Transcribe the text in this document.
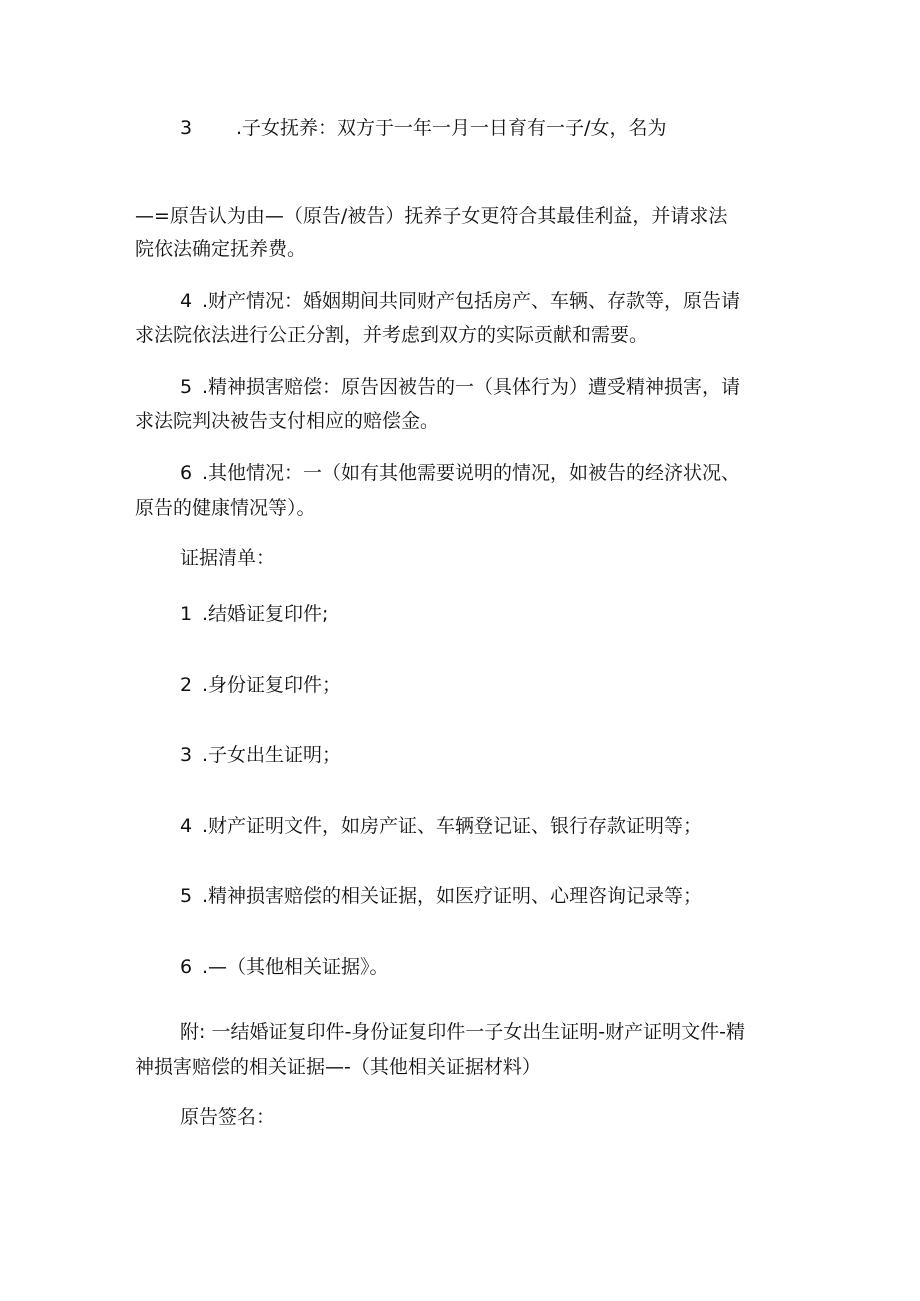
3 .子女抚养：双方于一年一月一日育有一子/女，名为
—=原告认为由—（原告/被告）抚养子女更符合其最佳利益，并请求法
院依法确定抚养费。
4 .财产情况：婚姻期间共同财产包括房产、车辆、存款等，原告请
求法院依法进行公正分割，并考虑到双方的实际贡献和需要。
5 .精神损害赔偿：原告因被告的一（具体行为）遭受精神损害，请
求法院判决被告支付相应的赔偿金。
6 .其他情况：一（如有其他需要说明的情况，如被告的经济状况、
原告的健康情况等）。
证据清单：
1 .结婚证复印件;
2 .身份证复印件；
3 .子女出生证明；
4 .财产证明文件，如房产证、车辆登记证、银行存款证明等；
5 .精神损害赔偿的相关证据，如医疗证明、心理咨询记录等；
6 .—（其他相关证据》。
附: 一结婚证复印件-身份证复印件一子女出生证明-财产证明文件-精
神损害赔偿的相关证据—-（其他相关证据材料）
原告签名：
